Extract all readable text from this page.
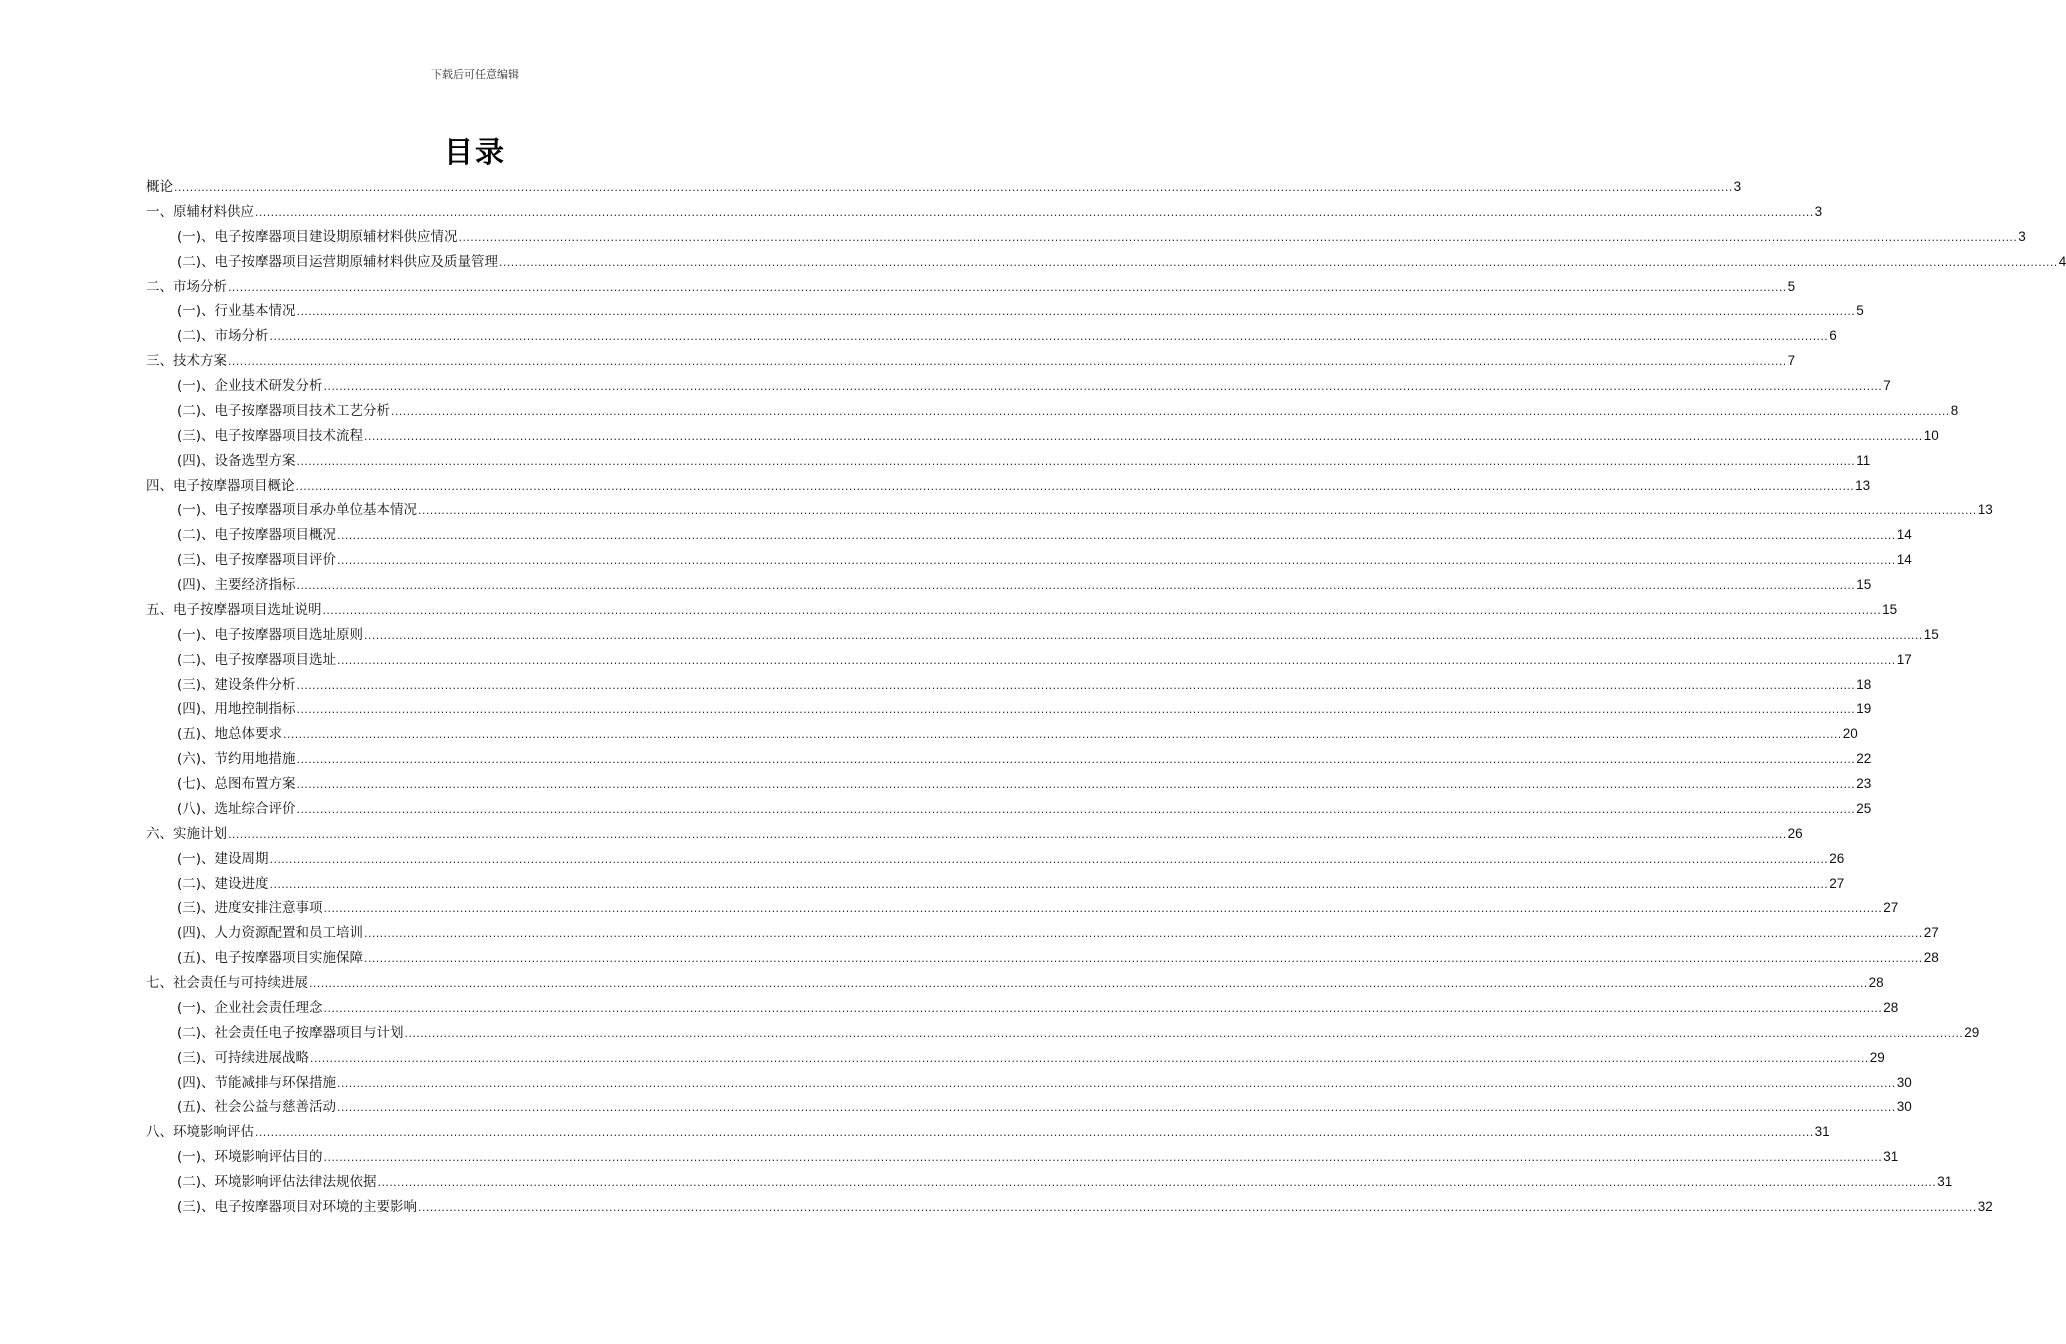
下载后可任意编辑
目录
概论 ................................................................................................................................................................................................................................................................................................................................................................................................................ 3
一、原辅材料供应 ................................................................................................................................................................................................................................................................................................................................................................................................................ 3
(一)、电子按摩器项目建设期原辅材料供应情况 ................................................................................................................................................................................................................................................................................................................................................................................................................ 3
(二)、电子按摩器项目运营期原辅材料供应及质量管理 ................................................................................................................................................................................................................................................................................................................................................................................................................ 4
二、市场分析 ................................................................................................................................................................................................................................................................................................................................................................................................................ 5
(一)、行业基本情况 ................................................................................................................................................................................................................................................................................................................................................................................................................ 5
(二)、市场分析 ................................................................................................................................................................................................................................................................................................................................................................................................................ 6
三、技术方案 ................................................................................................................................................................................................................................................................................................................................................................................................................ 7
(一)、企业技术研发分析 ................................................................................................................................................................................................................................................................................................................................................................................................................ 7
(二)、电子按摩器项目技术工艺分析 ................................................................................................................................................................................................................................................................................................................................................................................................................ 8
(三)、电子按摩器项目技术流程 ................................................................................................................................................................................................................................................................................................................................................................................................................ 10
(四)、设备选型方案 ................................................................................................................................................................................................................................................................................................................................................................................................................ 11
四、电子按摩器项目概论 ................................................................................................................................................................................................................................................................................................................................................................................................................ 13
(一)、电子按摩器项目承办单位基本情况 ................................................................................................................................................................................................................................................................................................................................................................................................................ 13
(二)、电子按摩器项目概况 ................................................................................................................................................................................................................................................................................................................................................................................................................ 14
(三)、电子按摩器项目评价 ................................................................................................................................................................................................................................................................................................................................................................................................................ 14
(四)、主要经济指标 ................................................................................................................................................................................................................................................................................................................................................................................................................ 15
五、电子按摩器项目选址说明 ................................................................................................................................................................................................................................................................................................................................................................................................................ 15
(一)、电子按摩器项目选址原则 ................................................................................................................................................................................................................................................................................................................................................................................................................ 15
(二)、电子按摩器项目选址 ................................................................................................................................................................................................................................................................................................................................................................................................................ 17
(三)、建设条件分析 ................................................................................................................................................................................................................................................................................................................................................................................................................ 18
(四)、用地控制指标 ................................................................................................................................................................................................................................................................................................................................................................................................................ 19
(五)、地总体要求 ................................................................................................................................................................................................................................................................................................................................................................................................................ 20
(六)、节约用地措施 ................................................................................................................................................................................................................................................................................................................................................................................................................ 22
(七)、总图布置方案 ................................................................................................................................................................................................................................................................................................................................................................................................................ 23
(八)、选址综合评价 ................................................................................................................................................................................................................................................................................................................................................................................................................ 25
六、实施计划 ................................................................................................................................................................................................................................................................................................................................................................................................................ 26
(一)、建设周期 ................................................................................................................................................................................................................................................................................................................................................................................................................ 26
(二)、建设进度 ................................................................................................................................................................................................................................................................................................................................................................................................................ 27
(三)、进度安排注意事项 ................................................................................................................................................................................................................................................................................................................................................................................................................ 27
(四)、人力资源配置和员工培训 ................................................................................................................................................................................................................................................................................................................................................................................................................ 27
(五)、电子按摩器项目实施保障 ................................................................................................................................................................................................................................................................................................................................................................................................................ 28
七、社会责任与可持续进展 ................................................................................................................................................................................................................................................................................................................................................................................................................ 28
(一)、企业社会责任理念 ................................................................................................................................................................................................................................................................................................................................................................................................................ 28
(二)、社会责任电子按摩器项目与计划 ................................................................................................................................................................................................................................................................................................................................................................................................................ 29
(三)、可持续进展战略 ................................................................................................................................................................................................................................................................................................................................................................................................................ 29
(四)、节能减排与环保措施 ................................................................................................................................................................................................................................................................................................................................................................................................................ 30
(五)、社会公益与慈善活动 ................................................................................................................................................................................................................................................................................................................................................................................................................ 30
八、环境影响评估 ................................................................................................................................................................................................................................................................................................................................................................................................................ 31
(一)、环境影响评估目的 ................................................................................................................................................................................................................................................................................................................................................................................................................ 31
(二)、环境影响评估法律法规依据 ................................................................................................................................................................................................................................................................................................................................................................................................................ 31
(三)、电子按摩器项目对环境的主要影响 ................................................................................................................................................................................................................................................................................................................................................................................................................ 32
